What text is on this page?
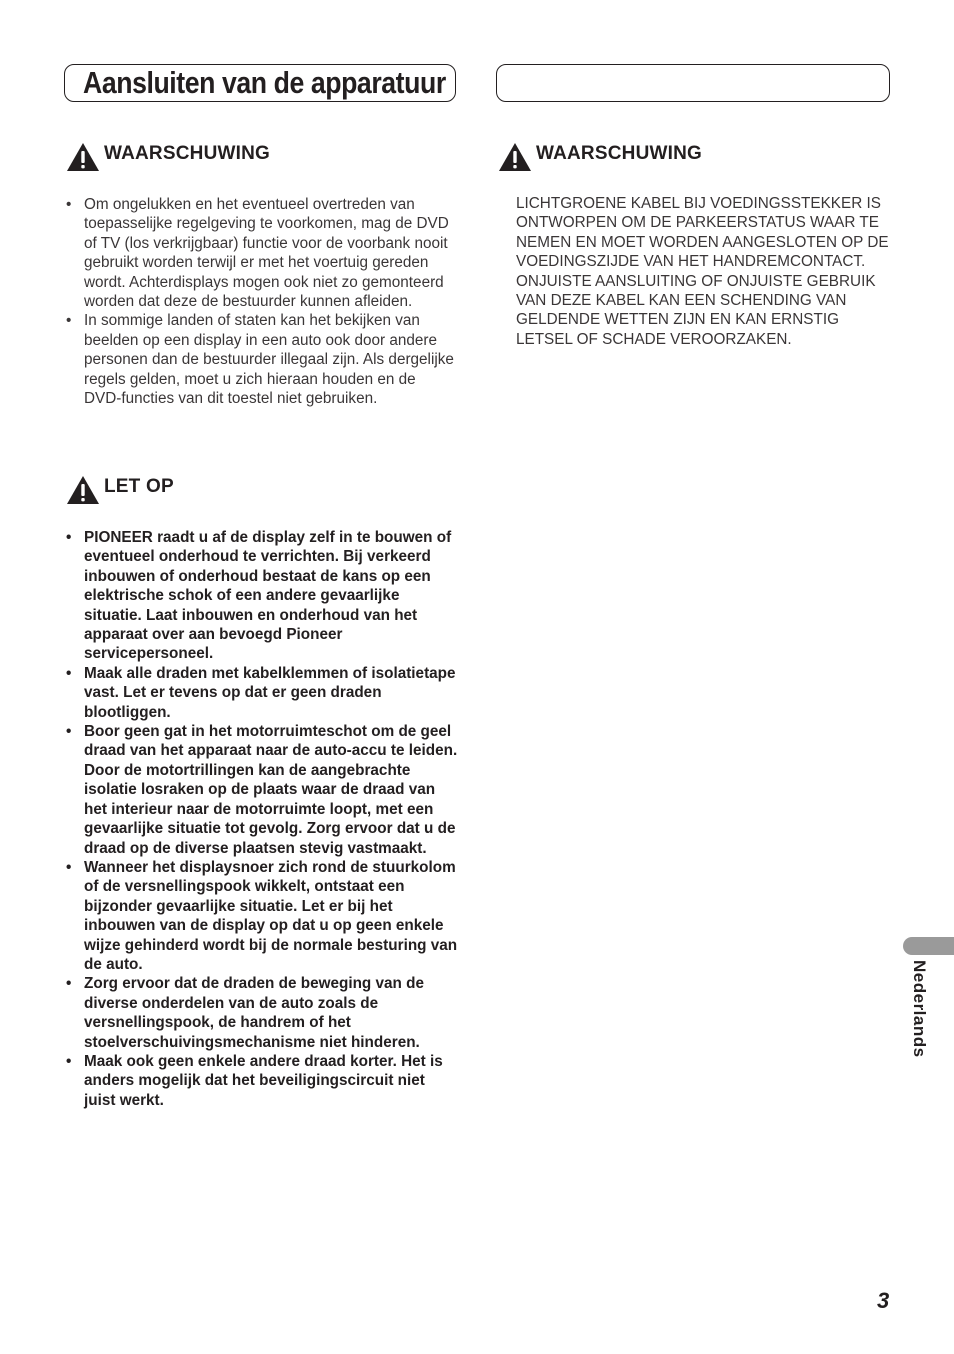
Aansluiten van de apparatuur
WAARSCHUWING
• Om ongelukken en het eventueel overtreden van toepasselijke regelgeving te voorkomen, mag de DVD of TV (los verkrijgbaar) functie voor de voorbank nooit gebruikt worden terwijl er met het voertuig gereden wordt. Achterdisplays mogen ook niet zo gemonteerd worden dat deze de bestuurder kunnen afleiden.
• In sommige landen of staten kan het bekijken van beelden op een display in een auto ook door andere personen dan de bestuurder illegaal zijn. Als dergelijke regels gelden, moet u zich hieraan houden en de DVD-functies van dit toestel niet gebruiken.
LET OP
• PIONEER raadt u af de display zelf in te bouwen of eventueel onderhoud te verrichten. Bij verkeerd inbouwen of onderhoud bestaat de kans op een elektrische schok of een andere gevaarlijke situatie. Laat inbouwen en onderhoud van het apparaat over aan bevoegd Pioneer servicepersoneel.
• Maak alle draden met kabelklemmen of isolatietape vast. Let er tevens op dat er geen draden blootliggen.
• Boor geen gat in het motorruimteschot om de geel draad van het apparaat naar de auto-accu te leiden. Door de motortrillingen kan de aangebrachte isolatie losraken op de plaats waar de draad van het interieur naar de motorruimte loopt, met een gevaarlijke situatie tot gevolg. Zorg ervoor dat u de draad op de diverse plaatsen stevig vastmaakt.
• Wanneer het displaysnoer zich rond de stuurkolom of de versnellingspook wikkelt, ontstaat een bijzonder gevaarlijke situatie. Let er bij het inbouwen van de display op dat u op geen enkele wijze gehinderd wordt bij de normale besturing van de auto.
• Zorg ervoor dat de draden de beweging van de diverse onderdelen van de auto zoals de versnellingspook, de handrem of het stoelverschuivingsmechanisme niet hinderen.
• Maak ook geen enkele andere draad korter. Het is anders mogelijk dat het beveiligingscircuit niet juist werkt.
WAARSCHUWING

LICHTGROENE KABEL BIJ VOEDINGSSTEKKER IS ONTWORPEN OM DE PARKEERSTATUS WAAR TE NEMEN EN MOET WORDEN AANGESLOTEN OP DE VOEDINGSZIJDE VAN HET HANDREMCONTACT. ONJUISTE AANSLUITING OF ONJUISTE GEBRUIK VAN DEZE KABEL KAN EEN SCHENDING VAN GELDENDE WETTEN ZIJN EN KAN ERNSTIG LETSEL OF SCHADE VEROORZAKEN.

Nederlands
3
